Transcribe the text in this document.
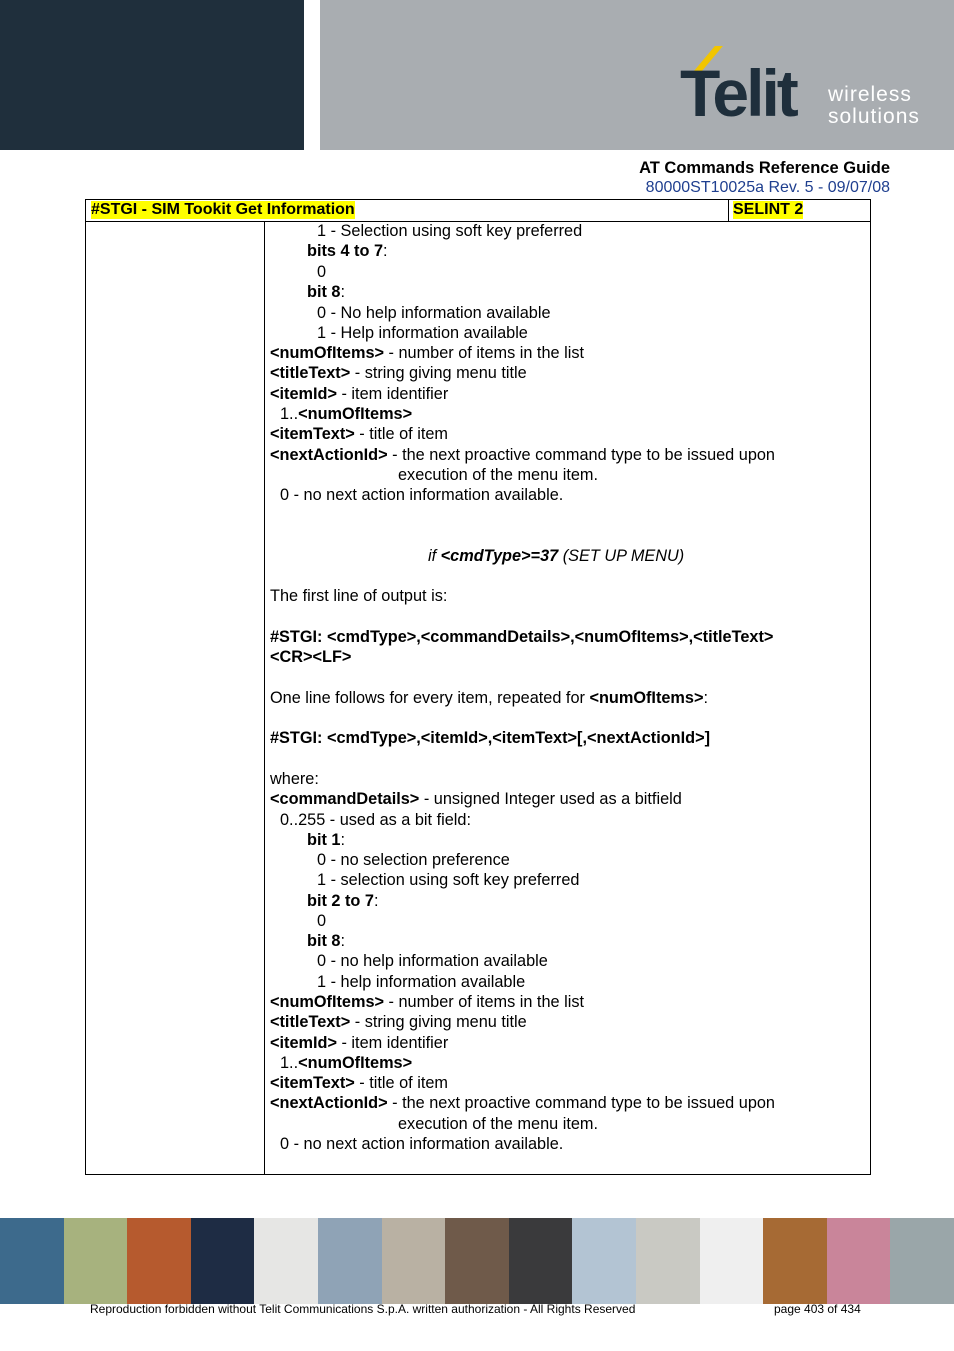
Telit wireless
solutions
AT Commands Reference Guide
80000ST10025a Rev. 5 - 09/07/08
#STGI - SIM Tookit Get Information	SELINT 2
1 - Selection using soft key preferred
bits 4 to 7:
0
bit 8:
0 - No help information available
1 - Help information available
<numOfItems> - number of items in the list
<titleText> - string giving menu title
<itemId> - item identifier
1..<numOfItems>
<itemText> - title of item
<nextActionId> - the next proactive command type to be issued upon
execution of the menu item.
0 - no next action information available.
if <cmdType>=37 (SET UP MENU)
The first line of output is:
#STGI: <cmdType>,<commandDetails>,<numOfItems>,<titleText>
<CR><LF>
One line follows for every item, repeated for <numOfItems>:
#STGI: <cmdType>,<itemId>,<itemText>[,<nextActionId>]
where:
<commandDetails> - unsigned Integer used as a bitfield
0..255 - used as a bit field:
bit 1:
0 - no selection preference
1 - selection using soft key preferred
bit 2 to 7:
0
bit 8:
0 - no help information available
1 - help information available
<numOfItems> - number of items in the list
<titleText> - string giving menu title
<itemId> - item identifier
1..<numOfItems>
<itemText> - title of item
<nextActionId> - the next proactive command type to be issued upon
execution of the menu item.
0 - no next action information available.
Reproduction forbidden without Telit Communications S.p.A. written authorization - All Rights Reserved	page 403 of 434
